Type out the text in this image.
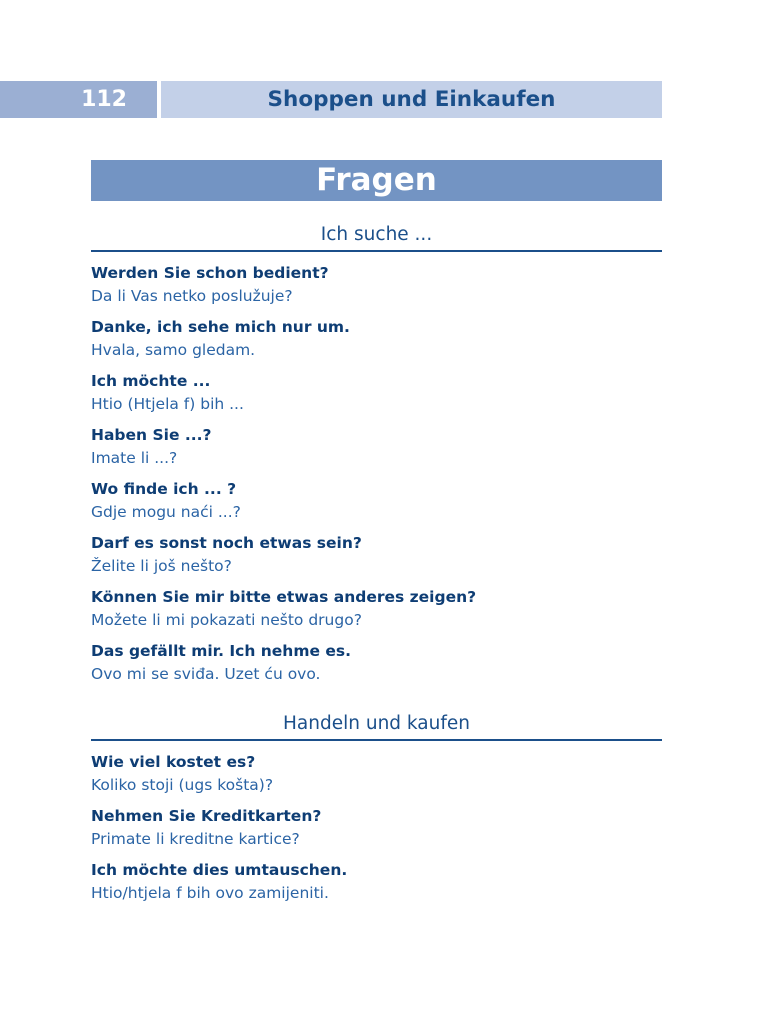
112	Shoppen und Einkaufen
Fragen
Ich suche ...
Werden Sie schon bedient?
Da li Vas netko poslužuje?
Danke, ich sehe mich nur um.
Hvala, samo gledam.
Ich möchte ...
Htio (Htjela f) bih ...
Haben Sie ...?
Imate li ...?
Wo finde ich ... ?
Gdje mogu naći ...?
Darf es sonst noch etwas sein?
Želite li još nešto?
Können Sie mir bitte etwas anderes zeigen?
Možete li mi pokazati nešto drugo?
Das gefällt mir. Ich nehme es.
Ovo mi se sviđa. Uzet ću ovo.
Handeln und kaufen
Wie viel kostet es?
Koliko stoji (ugs košta)?
Nehmen Sie Kreditkarten?
Primate li kreditne kartice?
Ich möchte dies umtauschen.
Htio/htjela f bih ovo zamijeniti.
